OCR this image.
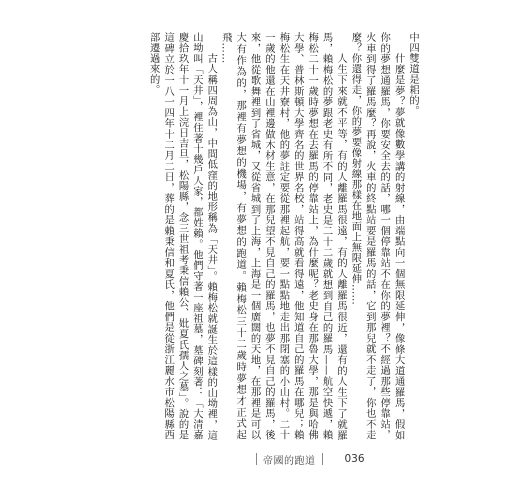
中四雙道是耜的。

什麼是夢？夢就像數學講的射線，由端點向一個無限延伸，像條大道通羅馬，假如你的夢想通羅馬，你要安全去的話，哪一個停靠站不在你的夢裡？不經過那些停靠站，火車到得了羅馬麼？再說，火車的終點站要是羅馬的話，它到那兒就不走了，你也不走麼？你還得走，你的夢要像射線那樣在地面上無限延伸……

人生下來就不平等，有的人離羅馬很遠，有的人離羅馬很近，還有的人生下了就羅馬，賴梅松的夢跟老史有所不同，老史是二十二歲就想到自己的羅馬——航空快遞，賴梅松二十一歲時夢想在去羅馬的停靠站上，為什麼呢？老史身在那魯大學，那是與哈佛大學、普林斯頓大學齊名的世界名校，站得高就看得遠，他知道自己的羅馬在哪兒；賴梅松生在天井寮村，他的夢註定要從那裡起航，要一點點地走出那閉塞的小山村。二十一歲的他還在山裡邊做木材生意，在那兒望不見自己的羅馬，也夢不見自己的羅馬，後來，他從歌舞裡到了省城，又從省城到了上海，上海是一個廣闊的天地，在那裡是可以大有作為的，那裡有夢想的機場，有夢想的跑道。賴梅松三十二歲時夢想才正式起飛……

古人稱四周為山，中間低窪的地形稱為「天井」。賴梅松就誕生於這樣的山坳裡，這山坳叫「天井」，裡住著十幾戶人家，都姓賴。他們守著一座祖墓，墓碑刻著：「大清嘉慶拾玖年十一月上浣日吉旦，松陽縣，念三世祖考秉信賴公、妣夏氏孺人之墓」。說的是這碑立於一八一四年十二月二日，葬的是賴秉信和夏氏，他們是從浙江麗水市松陽縣西部遷過來的。

帝國的跑道	036
